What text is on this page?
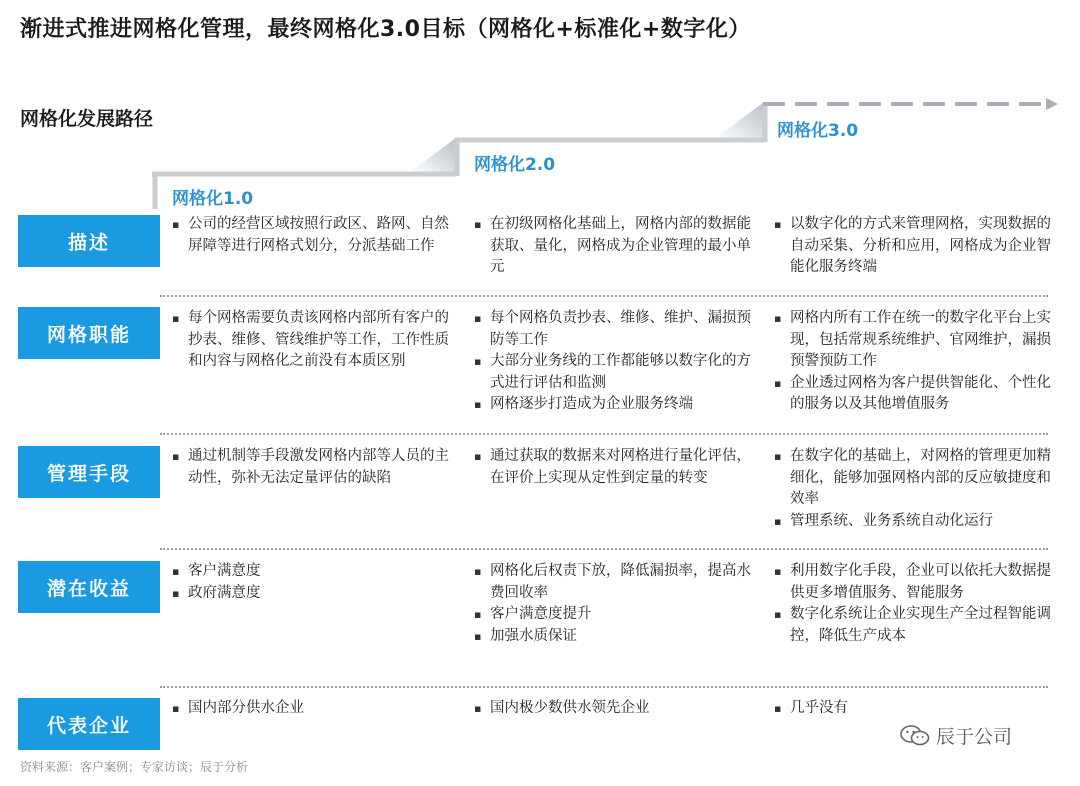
渐进式推进网格化管理，最终网格化3.0目标（网格化+标准化+数字化）
网格化发展路径
网格化1.0
网格化2.0
网格化3.0
描述
▪ 公司的经营区域按照行政区、路网、自然屏障等进行网格式划分，分派基础工作
▪ 在初级网格化基础上，网格内部的数据能获取、量化，网格成为企业管理的最小单元
▪ 以数字化的方式来管理网格，实现数据的自动采集、分析和应用，网格成为企业智能化服务终端
网格职能
▪ 每个网格需要负责该网格内部所有客户的抄表、维修、管线维护等工作，工作性质和内容与网格化之前没有本质区别
▪ 每个网格负责抄表、维修、维护、漏损预防等工作
▪ 大部分业务线的工作都能够以数字化的方式进行评估和监测
▪ 网格逐步打造成为企业服务终端
▪ 网格内所有工作在统一的数字化平台上实现，包括常规系统维护、官网维护，漏损预警预防工作
▪ 企业透过网格为客户提供智能化、个性化的服务以及其他增值服务
管理手段
▪ 通过机制等手段激发网格内部等人员的主动性，弥补无法定量评估的缺陷
▪ 通过获取的数据来对网格进行量化评估，在评价上实现从定性到定量的转变
▪ 在数字化的基础上，对网格的管理更加精细化，能够加强网格内部的反应敏捷度和效率
▪ 管理系统、业务系统自动化运行
潜在收益
▪ 客户满意度
▪ 政府满意度
▪ 网格化后权责下放，降低漏损率，提高水费回收率
▪ 客户满意度提升
▪ 加强水质保证
▪ 利用数字化手段，企业可以依托大数据提供更多增值服务、智能服务
▪ 数字化系统让企业实现生产全过程智能调控，降低生产成本
代表企业
▪ 国内部分供水企业	▪ 国内极少数供水领先企业	▪ 几乎没有
资料来源：客户案例；专家访谈；辰于分析
辰于公司
